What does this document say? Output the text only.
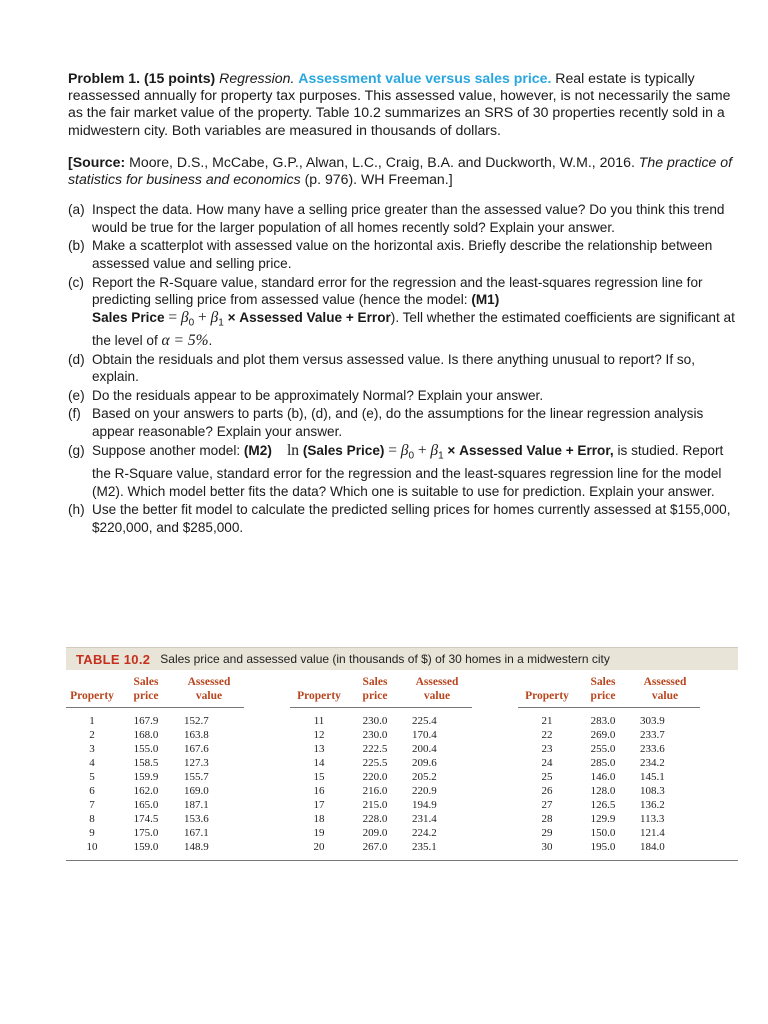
Problem 1. (15 points) Regression. Assessment value versus sales price. Real estate is typically reassessed annually for property tax purposes. This assessed value, however, is not necessarily the same as the fair market value of the property. Table 10.2 summarizes an SRS of 30 properties recently sold in a midwestern city. Both variables are measured in thousands of dollars.

[Source: Moore, D.S., McCabe, G.P., Alwan, L.C., Craig, B.A. and Duckworth, W.M., 2016. The practice of statistics for business and economics (p. 976). WH Freeman.]

(a) Inspect the data. How many have a selling price greater than the assessed value? Do you think this trend would be true for the larger population of all homes recently sold? Explain your answer.
(b) Make a scatterplot with assessed value on the horizontal axis. Briefly describe the relationship between assessed value and selling price.
(c) Report the R-Square value, standard error for the regression and the least-squares regression line for predicting selling price from assessed value (hence the model: (M1)
Sales Price = $\beta_0 + \beta_1$ × Assessed Value + Error). Tell whether the estimated coefficients are significant at the level of α = 5%.
(d) Obtain the residuals and plot them versus assessed value. Is there anything unusual to report? If so, explain.
(e) Do the residuals appear to be approximately Normal? Explain your answer.
(f) Based on your answers to parts (b), (d), and (e), do the assumptions for the linear regression analysis appear reasonable? Explain your answer.
(g) Suppose another model: (M2) ln (Sales Price) = $\beta_0 + \beta_1$ × Assessed Value + Error, is studied. Report the R-Square value, standard error for the regression and the least-squares regression line for the model (M2). Which model better fits the data? Which one is suitable to use for prediction. Explain your answer.
(h) Use the better fit model to calculate the predicted selling prices for homes currently assessed at $155,000, $220,000, and $285,000.
TABLE 10.2 Sales price and assessed value (in thousands of $) of 30 homes in a midwestern city
	Sales	Assessed			Sales	Assessed			Sales	Assessed	
Property	price	value		Property	price	value		Property	price	value	
1	167.9	152.7		11	230.0	225.4		21	283.0	303.9	
2	168.0	163.8		12	230.0	170.4		22	269.0	233.7	
3	155.0	167.6		13	222.5	200.4		23	255.0	233.6	
4	158.5	127.3		14	225.5	209.6		24	285.0	234.2	
5	159.9	155.7		15	220.0	205.2		25	146.0	145.1	
6	162.0	169.0		16	216.0	220.9		26	128.0	108.3	
7	165.0	187.1		17	215.0	194.9		27	126.5	136.2	
8	174.5	153.6		18	228.0	231.4		28	129.9	113.3	
9	175.0	167.1		19	209.0	224.2		29	150.0	121.4	
10	159.0	148.9		20	267.0	235.1		30	195.0	184.0	
